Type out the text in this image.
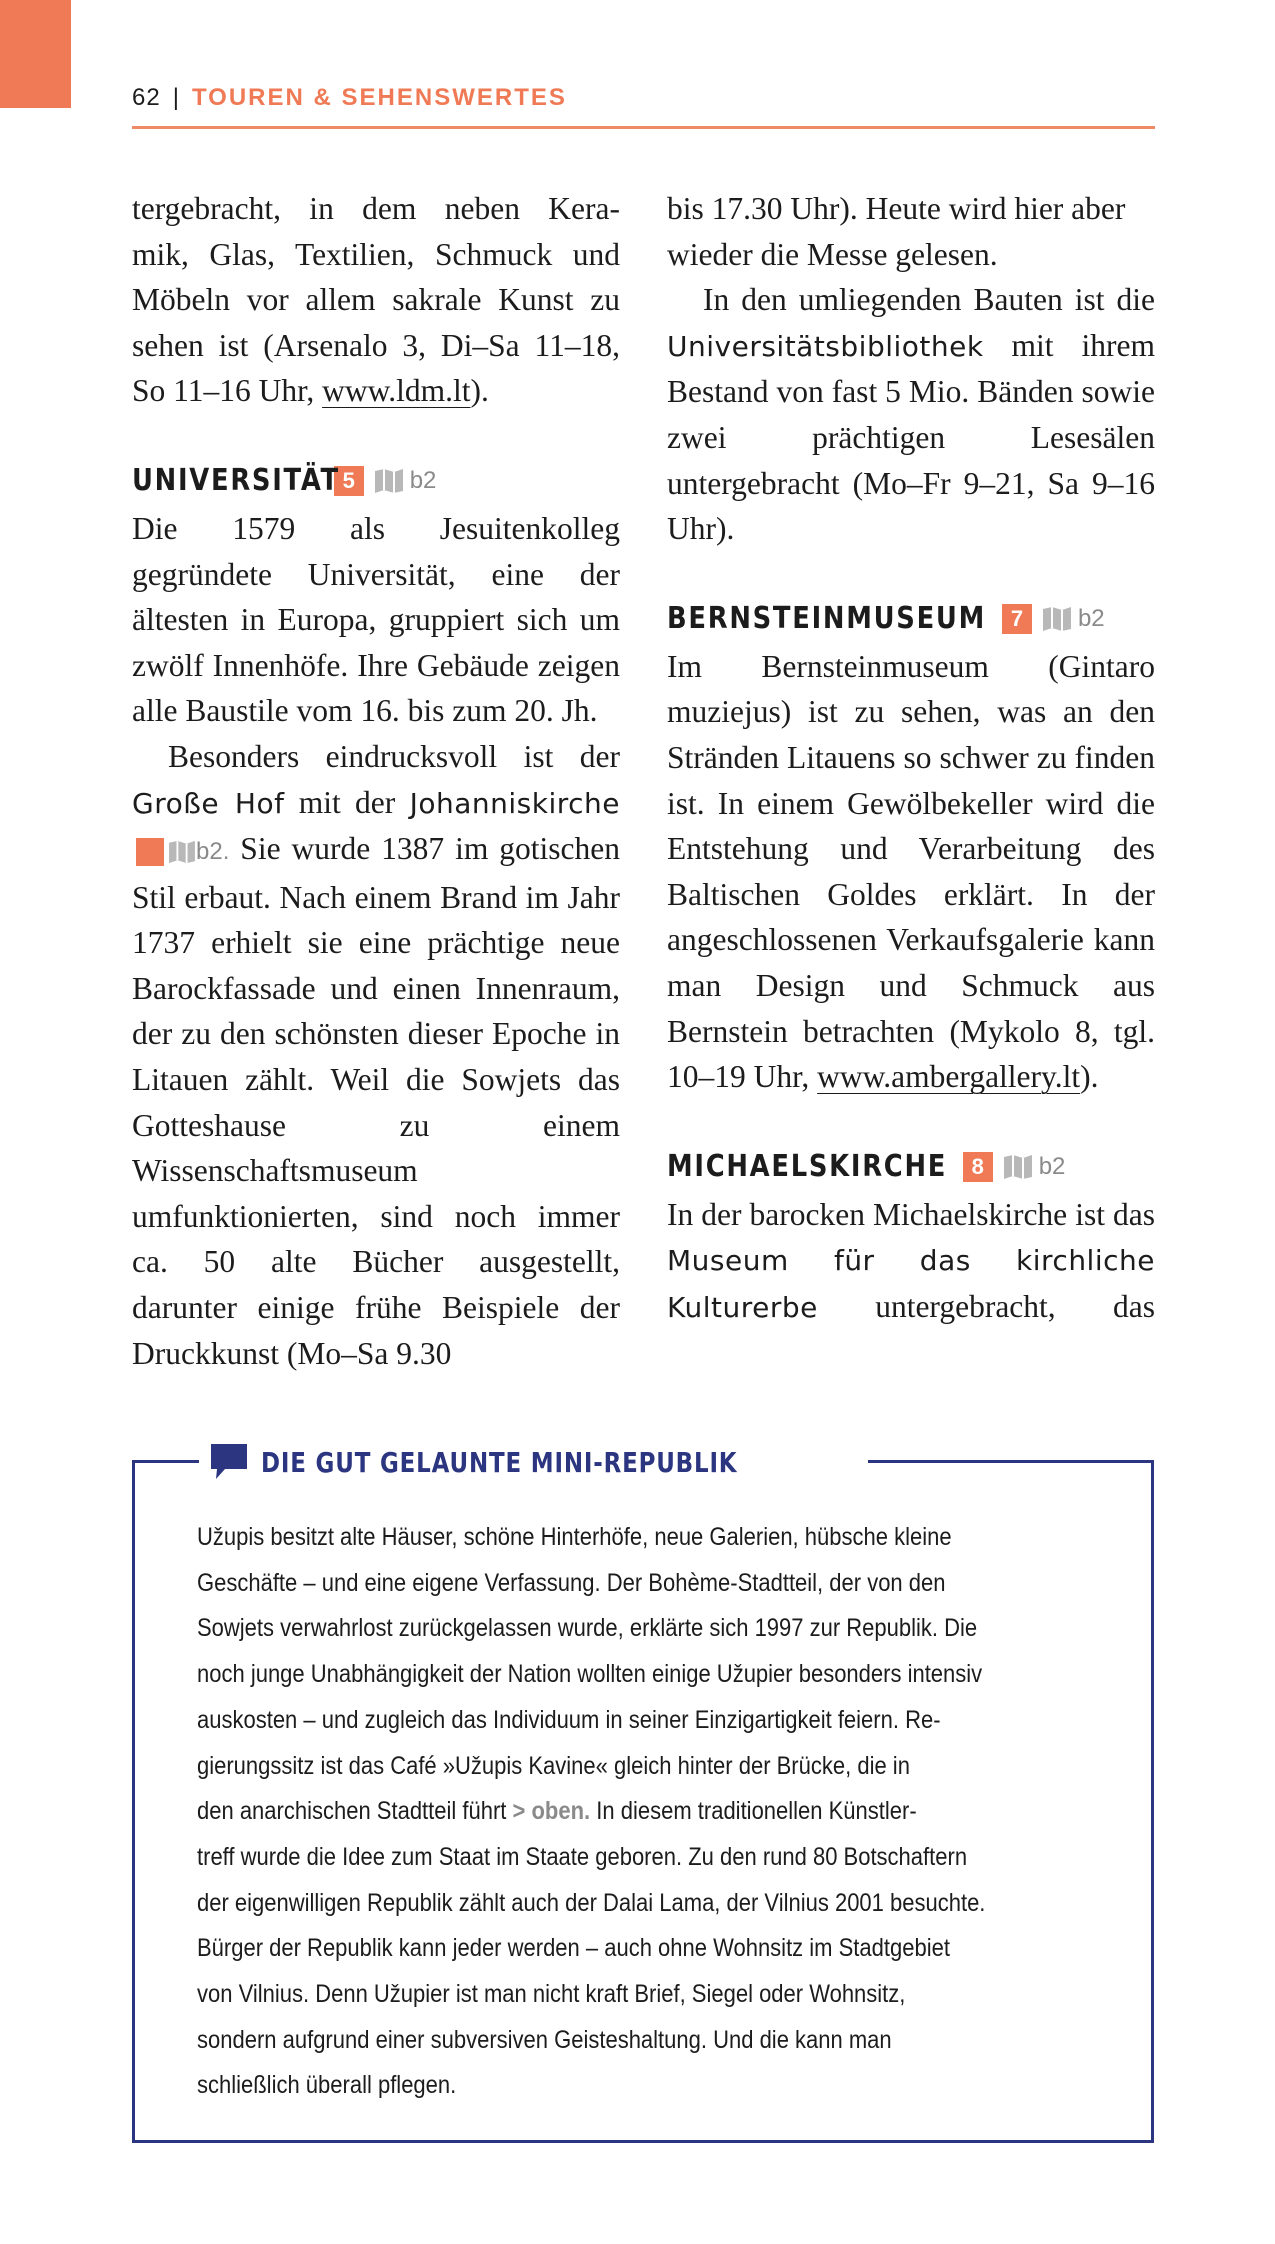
62 | TOUREN & SEHENSWERTES

tergebracht, in dem neben Kera-
mik, Glas, Textilien, Schmuck und
Möbeln vor allem sakrale Kunst zu
sehen ist (Arsenalo 3, Di–Sa 11–18,
So 11–16 Uhr, www.ldm.lt).

UNIVERSITÄT 5	b2

Die 1579 als Jesuitenkolleg gegründete Universität, eine der ältesten in Europa, gruppiert sich um zwölf Innenhöfe. Ihre Gebäude zeigen alle Baustile vom 16. bis zum 20. Jh.

Besonders eindrucksvoll ist der Große Hof mit der Johanniskirche b2. Sie wurde 1387 im gotischen Stil erbaut. Nach einem Brand im Jahr 1737 erhielt sie eine prächtige neue Barockfassade und einen Innenraum, der zu den schönsten dieser Epoche in Litauen zählt. Weil die Sowjets das Gotteshause zu einem Wissenschaftsmuseum umfunktionierten, sind noch immer ca. 50 alte Bücher ausgestellt, darunter einige frühe Beispiele der Druckkunst (Mo–Sa 9.30

bis 17.30 Uhr). Heute wird hier aber wieder die Messe gelesen.

In den umliegenden Bauten ist die Universitätsbibliothek mit ihrem Bestand von fast 5 Mio. Bänden sowie zwei prächtigen Lesesälen untergebracht (Mo–Fr 9–21, Sa 9–16 Uhr).

BERNSTEINMUSEUM	7	b2

Im Bernsteinmuseum (Gintaro muziejus) ist zu sehen, was an den Stränden Litauens so schwer zu finden ist. In einem Gewölbekeller wird die Entstehung und Verarbeitung des Baltischen Goldes erklärt. In der angeschlossenen Verkaufsgalerie kann man Design und Schmuck aus Bernstein betrachten (Mykolo 8, tgl. 10–19 Uhr, www.ambergallery.lt).

MICHAELSKIRCHE	8	b2

In der barocken Michaelskirche ist das Museum für das kirchliche Kulturerbe untergebracht, das

DIE GUT GELAUNTE MINI-REPUBLIK
Užupis besitzt alte Häuser, schöne Hinterhöfe, neue Galerien, hübsche kleine
Geschäfte – und eine eigene Verfassung. Der Bohème-Stadtteil, der von den
Sowjets verwahrlost zurückgelassen wurde, erklärte sich 1997 zur Republik. Die
noch junge Unabhängigkeit der Nation wollten einige Užupier besonders intensiv
auskosten – und zugleich das Individuum in seiner Einzigartigkeit feiern. Re-
gierungssitz ist das Café »Užupis Kavine« gleich hinter der Brücke, die in
den anarchischen Stadtteil führt > oben. In diesem traditionellen Künstler-
treff wurde die Idee zum Staat im Staate geboren. Zu den rund 80 Botschaftern
der eigenwilligen Republik zählt auch der Dalai Lama, der Vilnius 2001 besuchte.
Bürger der Republik kann jeder werden – auch ohne Wohnsitz im Stadtgebiet
von Vilnius. Denn Užupier ist man nicht kraft Brief, Siegel oder Wohnsitz,
sondern aufgrund einer subversiven Geisteshaltung. Und die kann man
schließlich überall pflegen.
